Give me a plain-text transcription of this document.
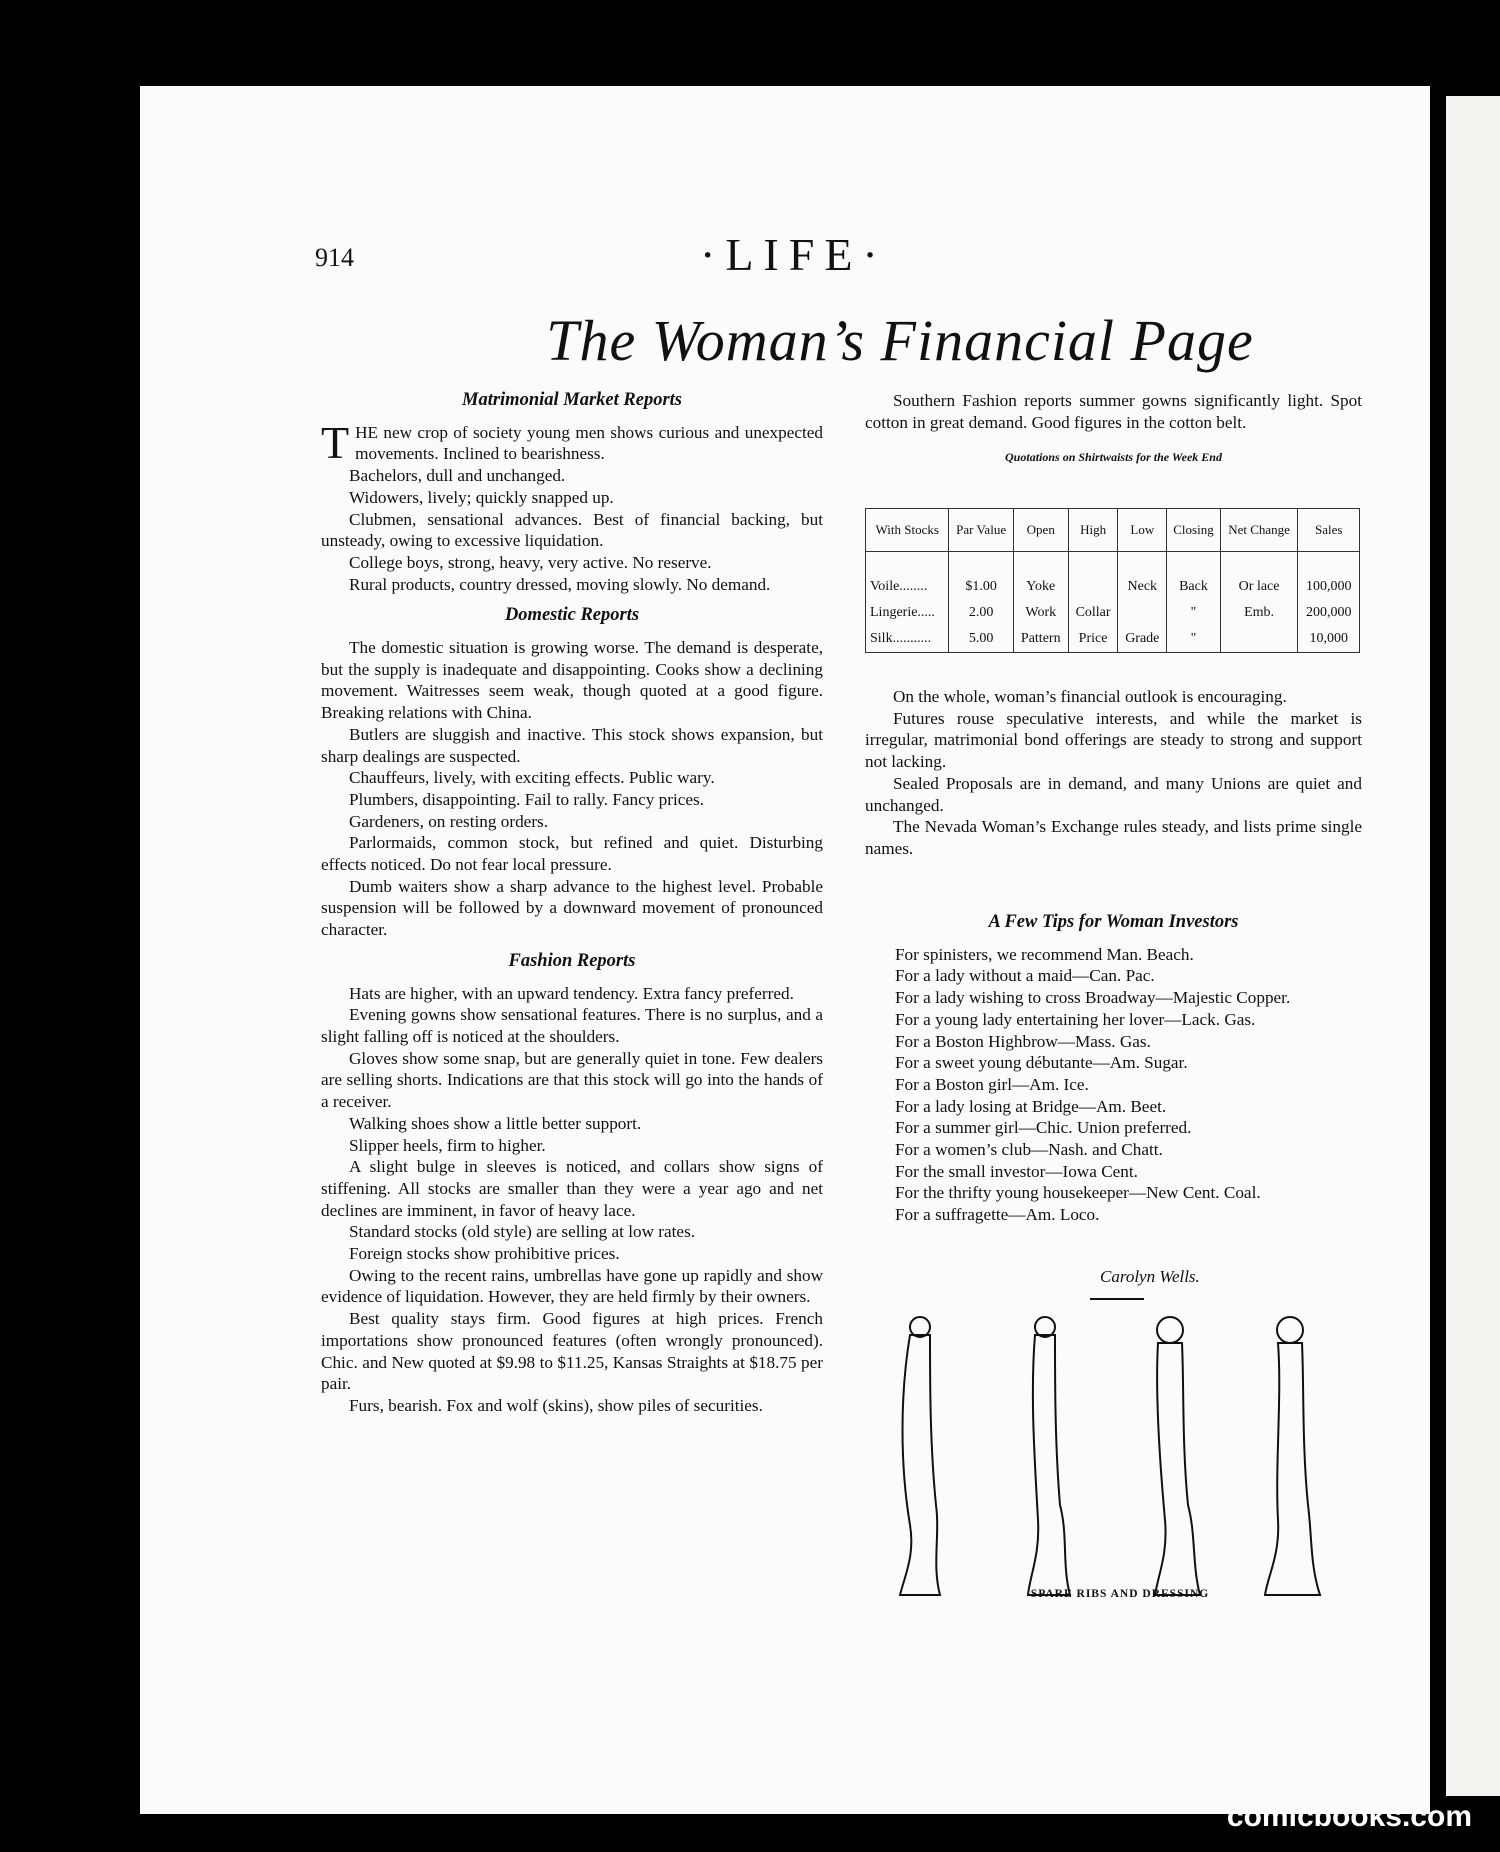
914	·LIFE·
The Woman’s Financial Page
Matrimonial Market Reports

THE new crop of society young men shows curious and unexpected movements. Inclined to bearishness.

Bachelors, dull and unchanged.

Widowers, lively; quickly snapped up.

Clubmen, sensational advances. Best of financial backing, but unsteady, owing to excessive liquidation.

College boys, strong, heavy, very active. No reserve.

Rural products, country dressed, moving slowly. No demand.

Domestic Reports

The domestic situation is growing worse. The demand is desperate, but the supply is inadequate and disappointing. Cooks show a declining movement. Waitresses seem weak, though quoted at a good figure. Breaking relations with China.

Butlers are sluggish and inactive. This stock shows expansion, but sharp dealings are suspected.

Chauffeurs, lively, with exciting effects. Public wary.

Plumbers, disappointing. Fail to rally. Fancy prices.

Gardeners, on resting orders.

Parlormaids, common stock, but refined and quiet. Disturbing effects noticed. Do not fear local pressure.

Dumb waiters show a sharp advance to the highest level. Probable suspension will be followed by a downward movement of pronounced character.

Fashion Reports

Hats are higher, with an upward tendency. Extra fancy preferred.

Evening gowns show sensational features. There is no surplus, and a slight falling off is noticed at the shoulders.

Gloves show some snap, but are generally quiet in tone. Few dealers are selling shorts. Indications are that this stock will go into the hands of a receiver.

Walking shoes show a little better support.

Slipper heels, firm to higher.

A slight bulge in sleeves is noticed, and collars show signs of stiffening. All stocks are smaller than they were a year ago and net declines are imminent, in favor of heavy lace.

Standard stocks (old style) are selling at low rates.

Foreign stocks show prohibitive prices.

Owing to the recent rains, umbrellas have gone up rapidly and show evidence of liquidation. However, they are held firmly by their owners.

Best quality stays firm. Good figures at high prices. French importations show pronounced features (often wrongly pronounced). Chic. and New quoted at $9.98 to $11.25, Kansas Straights at $18.75 per pair.

Furs, bearish. Fox and wolf (skins), show piles of securities.

Southern Fashion reports summer gowns significantly light. Spot cotton in great demand. Good figures in the cotton belt.

Quotations on Shirtwaists for the Week End

With Stocks	Par Value	Open	High	Low	Closing	Net Change	Sales

Voile........	$1.00	Yoke		Neck	Back	Or lace	100,000
Lingerie.....	2.00	Work	Collar		"	Emb.	200,000
Silk...........	5.00	Pattern	Price	Grade	"		10,000

On the whole, woman’s financial outlook is encouraging.

Futures rouse speculative interests, and while the market is irregular, matrimonial bond offerings are steady to strong and support not lacking.

Sealed Proposals are in demand, and many Unions are quiet and unchanged.

The Nevada Woman’s Exchange rules steady, and lists prime single names.

A Few Tips for Woman Investors

For spinisters, we recommend Man. Beach.

For a lady without a maid—Can. Pac.

For a lady wishing to cross Broadway—Majestic Copper.

For a young lady entertaining her lover—Lack. Gas.

For a Boston Highbrow—Mass. Gas.

For a sweet young débutante—Am. Sugar.

For a Boston girl—Am. Ice.

For a lady losing at Bridge—Am. Beet.

For a summer girl—Chic. Union preferred.

For a women’s club—Nash. and Chatt.

For the small investor—Iowa Cent.

For the thrifty young housekeeper—New Cent. Coal.

For a suffragette—Am. Loco.

Carolyn Wells.
SPARE RIBS AND DRESSING
comicbooks.com
